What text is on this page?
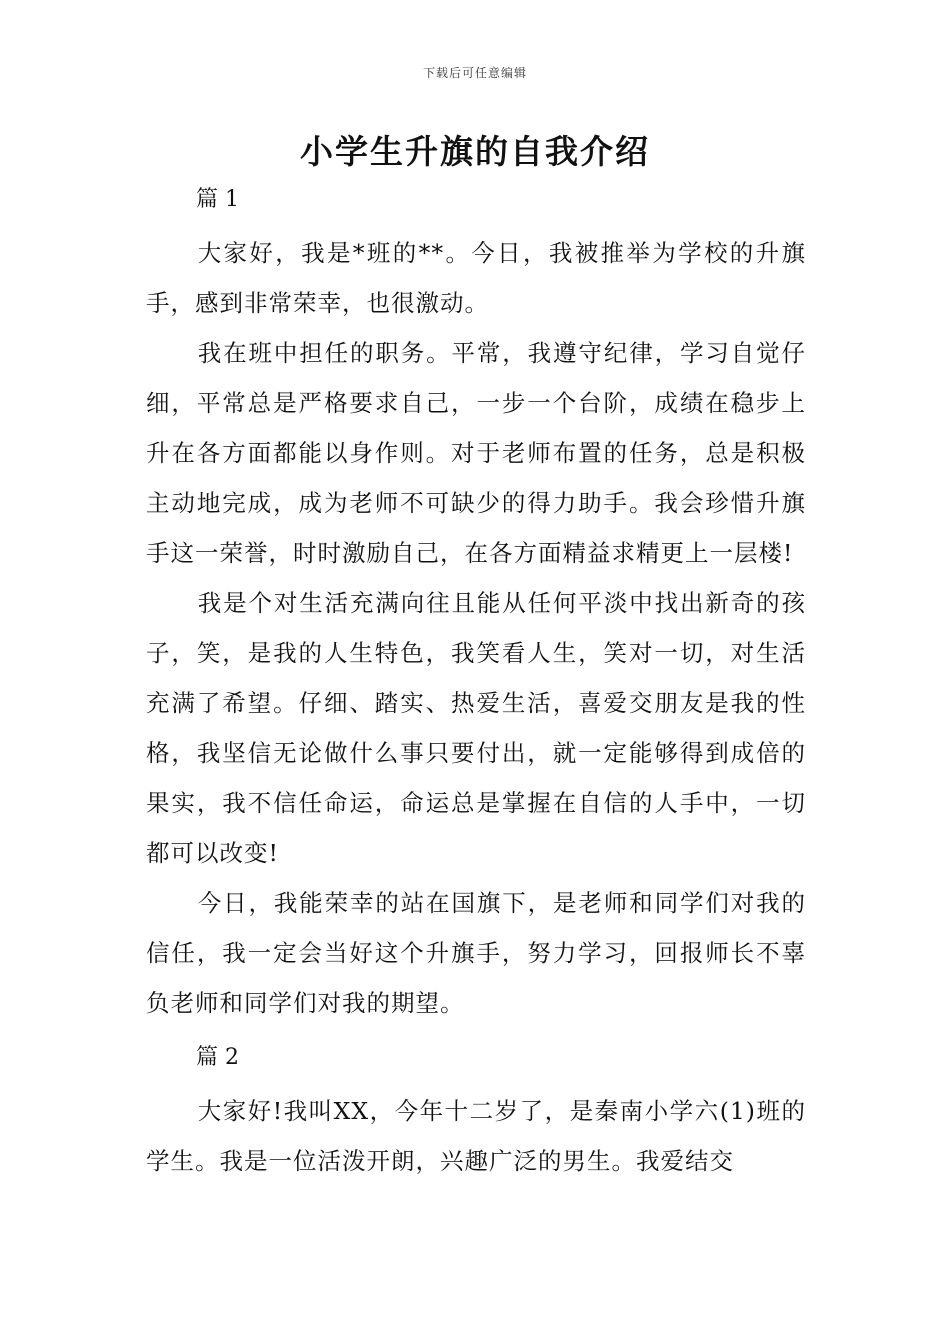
下载后可任意编辑
小学生升旗的自我介绍
篇 1

大家好，我是*班的**。今日，我被推举为学校的升旗手，感到非常荣幸，也很激动。

我在班中担任的职务。平常，我遵守纪律，学习自觉仔细，平常总是严格要求自己，一步一个台阶，成绩在稳步上升在各方面都能以身作则。对于老师布置的任务，总是积极主动地完成，成为老师不可缺少的得力助手。我会珍惜升旗手这一荣誉，时时激励自己，在各方面精益求精更上一层楼!

我是个对生活充满向往且能从任何平淡中找出新奇的孩子，笑，是我的人生特色，我笑看人生，笑对一切，对生活充满了希望。仔细、踏实、热爱生活，喜爱交朋友是我的性格，我坚信无论做什么事只要付出，就一定能够得到成倍的果实，我不信任命运，命运总是掌握在自信的人手中，一切都可以改变!

今日，我能荣幸的站在国旗下，是老师和同学们对我的信任，我一定会当好这个升旗手，努力学习，回报师长不辜负老师和同学们对我的期望。

篇 2

大家好!我叫XX，今年十二岁了，是秦南小学六(1)班的学生。我是一位活泼开朗，兴趣广泛的男生。我爱结交
